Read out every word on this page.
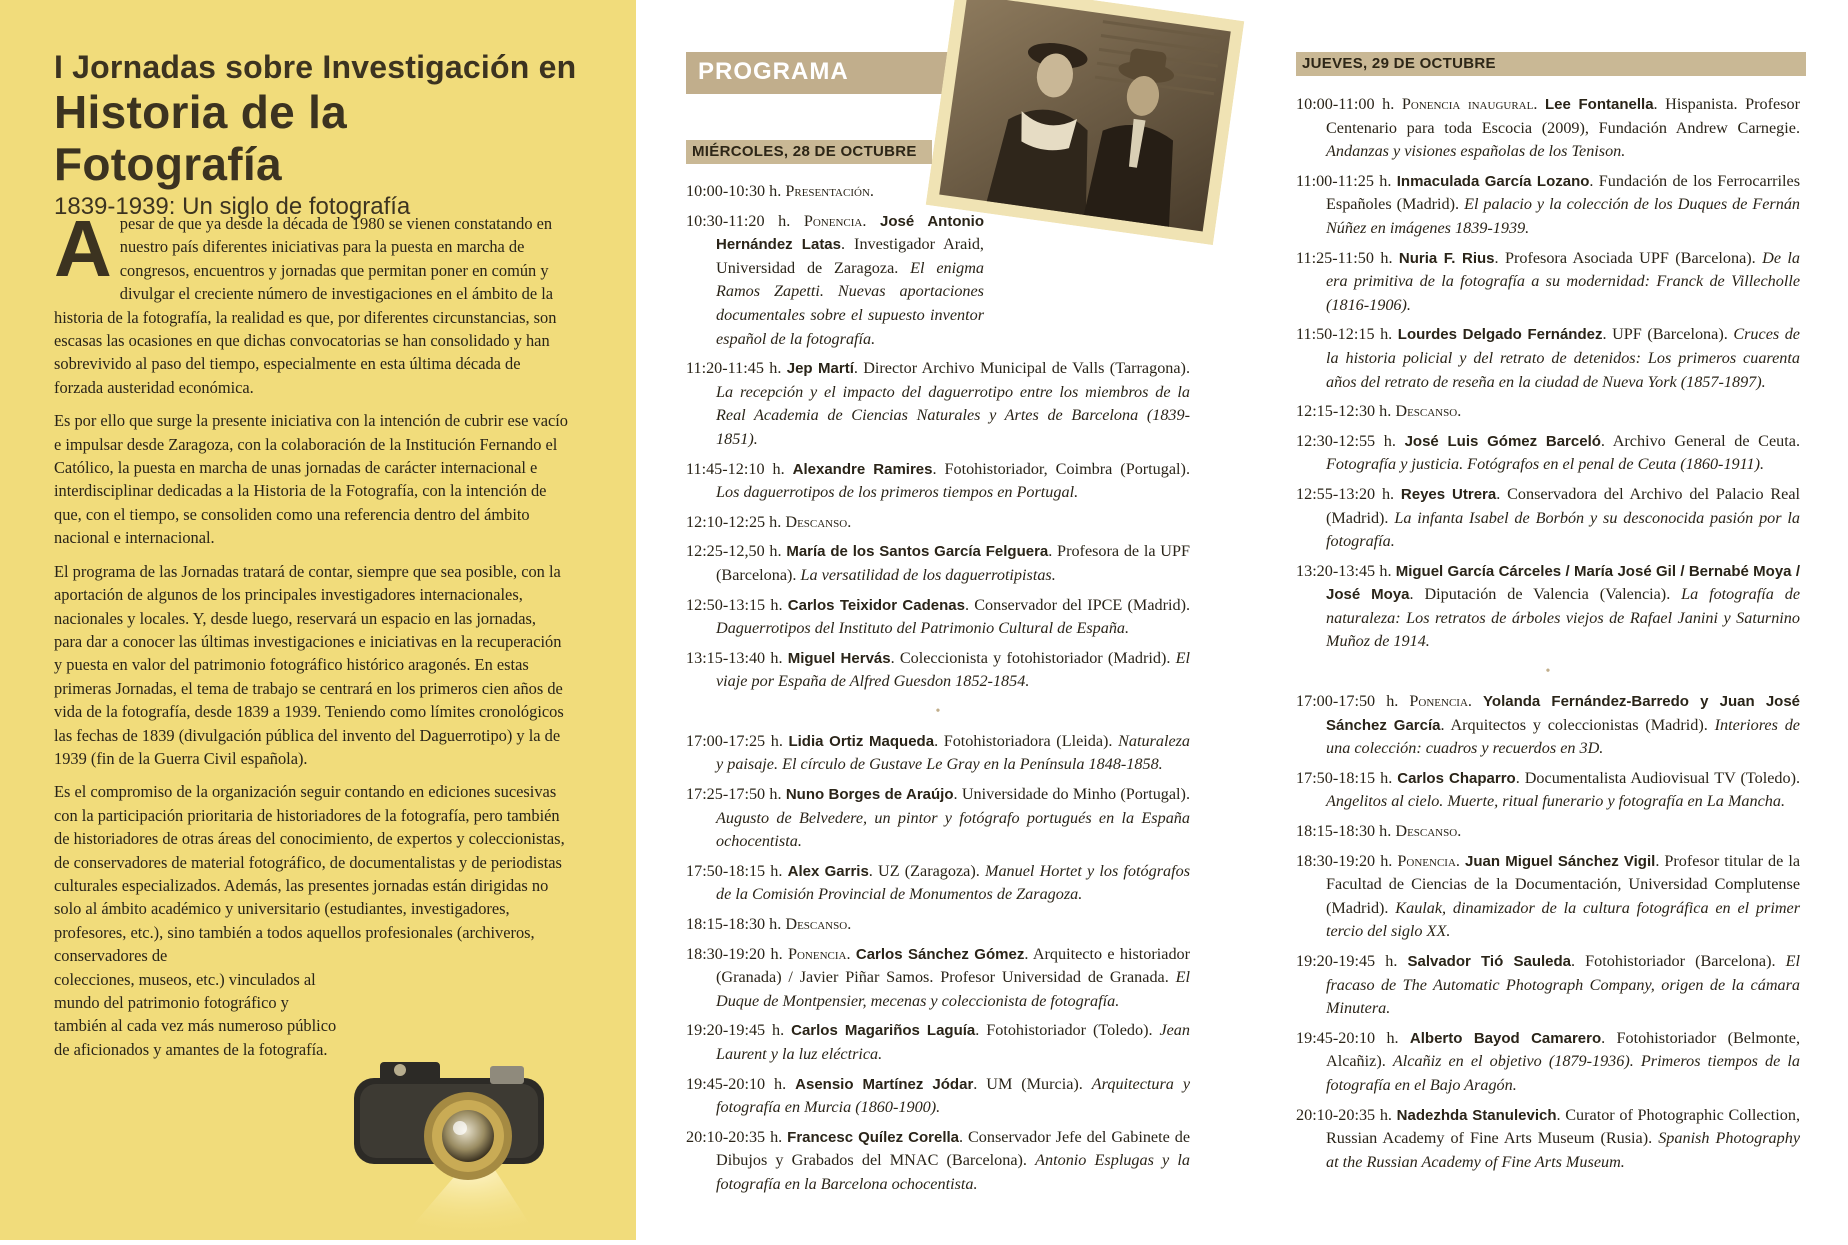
I Jornadas sobre Investigación en
Historia de la Fotografía

1839-1939: Un siglo de fotografía

Apesar de que ya desde la década de 1980 se vienen constatando en nuestro país diferentes iniciativas para la puesta en marcha de congresos, encuentros y jornadas que permitan poner en común y divulgar el creciente número de investigaciones en el ámbito de la historia de la fotografía, la realidad es que, por diferentes circunstancias, son escasas las ocasiones en que dichas convocatorias se han consolidado y han sobrevivido al paso del tiempo, especialmente en esta última década de forzada austeridad económica.

Es por ello que surge la presente iniciativa con la intención de cubrir ese vacío e impulsar desde Zaragoza, con la colaboración de la Institución Fernando el Católico, la puesta en marcha de unas jornadas de carácter internacional e interdisciplinar dedicadas a la Historia de la Fotografía, con la intención de que, con el tiempo, se consoliden como una referencia dentro del ámbito nacional e internacional.

El programa de las Jornadas tratará de contar, siempre que sea posible, con la aportación de algunos de los principales investigadores internacionales, nacionales y locales. Y, desde luego, reservará un espacio en las jornadas, para dar a conocer las últimas investigaciones e iniciativas en la recuperación y puesta en valor del patrimonio fotográfico histórico aragonés. En estas primeras Jornadas, el tema de trabajo se centrará en los primeros cien años de vida de la fotografía, desde 1839 a 1939. Teniendo como límites cronológicos las fechas de 1839 (divulgación pública del invento del Daguerrotipo) y la de 1939 (fin de la Guerra Civil española).

Es el compromiso de la organización seguir contando en ediciones sucesivas con la participación prioritaria de historiadores de la fotografía, pero también de historiadores de otras áreas del conocimiento, de expertos y coleccionistas, de conservadores de material fotográfico, de documentalistas y de periodistas culturales especializados. Además, las presentes jornadas están dirigidas no solo al ámbito académico y universitario (estudiantes, investigadores, profesores, etc.), sino también a todos aquellos profesionales (archiveros, conservadores de

colecciones, museos, etc.) vinculados al mundo del patrimonio fotográfico y también al cada vez más numeroso público de aficionados y amantes de la fotografía.

PROGRAMA
MIÉRCOLES, 28 DE OCTUBRE

10:00-10:30 h. Presentación.

10:30-11:20 h. Ponencia. José Antonio Hernández Latas. Investigador Araid, Universidad de Zaragoza. El enigma Ramos Zapetti. Nuevas aportaciones documentales sobre el supuesto inventor español de la fotografía.

11:20-11:45 h. Jep Martí. Director Archivo Municipal de Valls (Tarragona). La recepción y el impacto del daguerrotipo entre los miembros de la Real Academia de Ciencias Naturales y Artes de Barcelona (1839-1851).

11:45-12:10 h. Alexandre Ramires. Fotohistoriador, Coimbra (Portugal). Los daguerrotipos de los primeros tiempos en Portugal.

12:10-12:25 h. Descanso.

12:25-12,50 h. María de los Santos García Felguera. Profesora de la UPF (Barcelona). La versatilidad de los daguerrotipistas.

12:50-13:15 h. Carlos Teixidor Cadenas. Conservador del IPCE (Madrid). Daguerrotipos del Instituto del Patrimonio Cultural de España.

13:15-13:40 h. Miguel Hervás. Coleccionista y fotohistoriador (Madrid). El viaje por España de Alfred Guesdon 1852-1854.

•

17:00-17:25 h. Lidia Ortiz Maqueda. Fotohistoriadora (Lleida). Naturaleza y paisaje. El círculo de Gustave Le Gray en la Península 1848-1858.

17:25-17:50 h. Nuno Borges de Araújo. Universidade do Minho (Portugal). Augusto de Belvedere, un pintor y fotógrafo portugués en la España ochocentista.

17:50-18:15 h. Alex Garris. UZ (Zaragoza). Manuel Hortet y los fotógrafos de la Comisión Provincial de Monumentos de Zaragoza.

18:15-18:30 h. Descanso.

18:30-19:20 h. Ponencia. Carlos Sánchez Gómez. Arquitecto e historiador (Granada) / Javier Piñar Samos. Profesor Universidad de Granada. El Duque de Montpensier, mecenas y coleccionista de fotografía.

19:20-19:45 h. Carlos Magariños Laguía. Fotohistoriador (Toledo). Jean Laurent y la luz eléctrica.

19:45-20:10 h. Asensio Martínez Jódar. UM (Murcia). Arquitectura y fotografía en Murcia (1860-1900).

20:10-20:35 h. Francesc Quílez Corella. Conservador Jefe del Gabinete de Dibujos y Grabados del MNAC (Barcelona). Antonio Esplugas y la fotografía en la Barcelona ochocentista.

JUEVES, 29 DE OCTUBRE

10:00-11:00 h. Ponencia inaugural. Lee Fontanella. Hispanista. Profesor Centenario para toda Escocia (2009), Fundación Andrew Carnegie. Andanzas y visiones españolas de los Tenison.

11:00-11:25 h. Inmaculada García Lozano. Fundación de los Ferrocarriles Españoles (Madrid). El palacio y la colección de los Duques de Fernán Núñez en imágenes 1839-1939.

11:25-11:50 h. Nuria F. Rius. Profesora Asociada UPF (Barcelona). De la era primitiva de la fotografía a su modernidad: Franck de Villecholle (1816-1906).

11:50-12:15 h. Lourdes Delgado Fernández. UPF (Barcelona). Cruces de la historia policial y del retrato de detenidos: Los primeros cuarenta años del retrato de reseña en la ciudad de Nueva York (1857-1897).

12:15-12:30 h. Descanso.

12:30-12:55 h. José Luis Gómez Barceló. Archivo General de Ceuta. Fotografía y justicia. Fotógrafos en el penal de Ceuta (1860-1911).

12:55-13:20 h. Reyes Utrera. Conservadora del Archivo del Palacio Real (Madrid). La infanta Isabel de Borbón y su desconocida pasión por la fotografía.

13:20-13:45 h. Miguel García Cárceles / María José Gil / Bernabé Moya / José Moya. Diputación de Valencia (Valencia). La fotografía de naturaleza: Los retratos de árboles viejos de Rafael Janini y Saturnino Muñoz de 1914.

•

17:00-17:50 h. Ponencia. Yolanda Fernández-Barredo y Juan José Sánchez García. Arquitectos y coleccionistas (Madrid). Interiores de una colección: cuadros y recuerdos en 3D.

17:50-18:15 h. Carlos Chaparro. Documentalista Audiovisual TV (Toledo). Angelitos al cielo. Muerte, ritual funerario y fotografía en La Mancha.

18:15-18:30 h. Descanso.

18:30-19:20 h. Ponencia. Juan Miguel Sánchez Vigil. Profesor titular de la Facultad de Ciencias de la Documentación, Universidad Complutense (Madrid). Kaulak, dinamizador de la cultura fotográfica en el primer tercio del siglo XX.

19:20-19:45 h. Salvador Tió Sauleda. Fotohistoriador (Barcelona). El fracaso de The Automatic Photograph Company, origen de la cámara Minutera.

19:45-20:10 h. Alberto Bayod Camarero. Fotohistoriador (Belmonte, Alcañiz). Alcañiz en el objetivo (1879-1936). Primeros tiempos de la fotografía en el Bajo Aragón.

20:10-20:35 h. Nadezhda Stanulevich. Curator of Photographic Collection, Russian Academy of Fine Arts Museum (Rusia). Spanish Photography at the Russian Academy of Fine Arts Museum.
